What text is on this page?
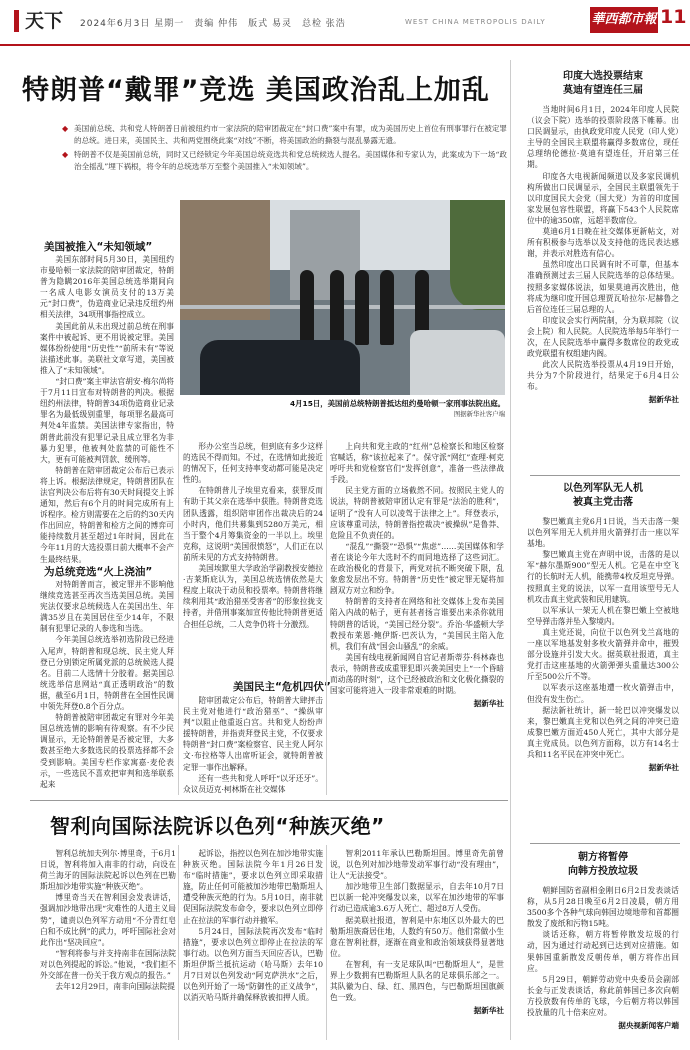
天下 2024年6月3日 星期一　责编 仲伟　版式 易灵　总检 张浩	WEST CHINA METROPOLIS DAILY	華西都市報 11
特朗普“戴罪”竞选 美国政治乱上加乱

◆ 美国前总统、共和党人特朗普日前被纽约市一家法院的陪审团裁定在“封口费”案中有罪，成为美国历史上首位有刑事罪行在被定罪的总统。进日来，美国民主、共和两党围绕此案“对线”不断，将美国政治的撕裂与混乱暴露无遗。

◆ 特朗普不仅是美国前总统，同时又已经锁定今年美国总统竞选共和党总统候选人提名。美国媒体和专家认为，此案成为下一场“政治全摇乱”埋下祸根，将令年的总统选举万至整个美国推入“未知领域”。

4月15日，美国前总统特朗普抵达纽约曼哈顿一家刑事法院出庭。
图据新华社客户端
美国被推入“未知领域”

美国东部时间5月30日，美国纽约市曼哈顿一家法院的陪审团裁定，特朗普为隐瞒2016年美国总统选举期间向一名成人电影女演员支付的13万美元“封口费”，伪造商业记录违反纽约州相关法律，34项刑事指控成立。

美国此前从未出现过前总统在刑事案件中被起诉、更不用说被定罪。美国媒体纷纷使用“历史性”“前所未有”等说法描述此事。美联社文章写道，美国被推入了“未知领域”。

“封口费”案主审法官胡安·梅尔尚将于7月11日宣布对特朗普的判决。根据纽约州法律，特朗普34项伪造商业记录罪名为最低级别重罪，每项罪名最高可判处4年监禁。美国法律专家指出，特朗普此前没有犯罪记录且成立罪名为非暴力犯罪，他被判处监禁的可能性不大，更有可能被判罚款、缓刑等。

特朗普在陪审团裁定公布后已表示将上诉。根据法律规定，特朗普团队在法官判决公布后将有30天时间提交上诉通知，然后有6个月的时间完成所有上诉程序。检方则需要在之后的约30天内作出回应，特朗普和检方之间的博弈可能持续数月甚至超过1年时间，因此在今年11月的大选投票日前大概率不会产生最终结果。

为总统竞选“火上浇油”

对特朗普而言，被定罪并不影响他继续竞选甚至再次当选美国总统。美国宪法仅要求总统候选人在美国出生、年满35岁且在美国居住至少14年，不限制有犯罪记录的人参选和当选。

今年美国总统选举初选阶段已经进入尾声，特朗普和现总统、民主党人拜登已分别锁定所属党派的总统候选人提名。目前二人选情十分胶着。据美国总统选举信息网站“真正透明政治”的数据，截至6月1日，特朗普在全国性民调中领先拜登0.8个百分点。

特朗普被陪审团裁定有罪对今年美国总统选情的影响有待观察。有不少民调显示，无论特朗普是否被定罪，大多数甚至绝大多数选民的投票选择都不会受到影响。美国专栏作家寓嘉·麦伦表示，一些选民不喜欢把审判和选举联系起来

形办公室当总统，但到底有多少这样的选民不得而知。不过，在选情如此接近的情况下，任何支持率变动都可能是决定性的。

在特朗普儿子埃里克看来，获罪反而有助于其父亲在选举中获胜。特朗普竞选团队透露，组织陪审团作出裁决后的24小时内，他们共募集到5280万美元，相当于整个4月筹集资金的一半以上。埃里克称，这说明“美国很愤怒”，人们正在以前所未见的方式支持特朗普。

美国埃默里大学政治学副教授安德拉·吉莱斯庇认为，美国总统选情依然是大程度上取决于动员和投票率。特朗普将继续利用其“政治猎巫受害者”的形象拉拢支持者，并借刑事案加宣传他比特朗普更适合担任总统，二人竞争仍将十分激烈。

美国民主“危机四伏”

陪审团裁定公布后，特朗普大肆抨击民主党对他进行“政治猎巫”、“操纵审判”以阻止他重返白宫。共和党人纷纷声援特朗普，并指责拜登民主党，不仅要求特朗普“封口费”案检察官、民主党人阿尔文·布拉格等人出席听证会，就特朗普被定罪一事作出解释。

还有一些共和党人呼吁“以牙还牙”。众议员迈克·柯林斯在社交媒体

上向共和党主政的“红州”总检察长和地区检察官喊话，称“该拉起来了”。保守派“网红”查理·柯克呼吁共和党检察官们“发挥创意”，准备一些法律战手段。

民主党方面的立场截然不同。按照民主党人的说法，特朗普被陪审团认定有罪是“法治的胜利”，证明了“没有人可以凌驾于法律之上”。拜登表示，应该尊重司法，特朗普指控裁决“被操纵”是鲁莽、危险且不负责任的。

“混乱”“撕裂”“恐惧”“焦虑”……美国媒体和学者在谈论今年大选时不约而同地选择了这些词汇。在政治极化的背景下，两党对抗不断突破下限，乱象愈发层出不穷。特朗普“历史性”被定罪无疑将加剧双方对立和纷争。

特朗普的支持者在网络和社交媒体上发布美国陷入内战的帖子，更有甚者扬言谁要出来杀你就用特朗普的话说，“美国已经分裂”。乔治·华盛顿大学教授布莱恩·鲍伊斯·巴茨认为，“美国民主陷入危机，我们有战“国会山骚乱”的余威。

美国有线电视新闻网自宫记者斯蒂芬·科林森也表示，特朗普或成重罪犯即兴袭美国史上“一个昏暗而动荡的时刻”，这个已经被政治和文化极化撕裂的国家可能将进入一段非常艰难的时期。

据新华社
印度大选投票结束
莫迪有望连任三届

当地时间6月1日，2024年印度人民院（议会下院）选举的投票阶段落下帷幕。出口民调显示，由执政党印度人民党（印人党）主导的全国民主联盟将赢得多数席位，现任总理纳伦德拉·莫迪有望连任，开启第三任期。

印度各大电视新闻频道以及多家民调机构所做出口民调显示，全国民主联盟领先于以印度国民大会党（国大党）为首的印度国家发展包容性联盟，将赢下543个人民院席位中的逾350席，远超半数席位。

莫迪6月1日晚在社交媒体更新帖文，对所有积极参与选举以及支持他的选民表达感谢，并表示对胜选有信心。

虽然印度出口民调有时不可靠，但基本准确预测过去三届人民院选举的总体结果。按照多家媒体说法，如果莫迪再次胜出，他将成为继印度开国总理贾瓦哈拉尔·尼赫鲁之后首位连任三届总理的人。

印度议会实行两院制，分为联邦院（议会上院）和人民院。人民院选举每5年举行一次，在人民院选举中赢得多数席位的政党或政党联盟有权组建内阁。

此次人民院选举投票从4月19日开始，共分为7个阶段进行，结果定于6月4日公布。

据新华社
以色列军队无人机
被真主党击落

黎巴嫩真主党6月1日说，当天击落一架以色列军用无人机并用火箭弹打击一座以军基地。

黎巴嫩真主党在声明中说，击落的是以军“赫尔墨斯900”型无人机。它是在中空飞行的长航时无人机，能携带4枚反坦克导弹。按照真主党的说法，以军一直用该型号无人机攻击真主党武装和民用建筑。

以军承认一架无人机在黎巴嫩上空被地空导弹击落并坠入黎境内。

真主党还说，向位于以色列戈兰高地的一座以军地基发射多枚火箭弹并命中，摧毁部分设施并引发大火。据英联社报道，真主党打击这座基地的火箭弹弹头重量达300公斤至500公斤不等。

以军表示这座基地遭一枚火箭弹击中，但没有发生伤亡。

据法新社统计，新一轮巴以冲突爆发以来，黎巴嫩真主党和以色列之间的冲突已造成黎巴嫩方面近450人死亡，其中大部分是真主党成员。以色列方面称，以方有14名士兵和11名平民在冲突中死亡。

据新华社
朝方将暂停
向韩方投放垃圾

朝鲜国防省副相金刚日6月2日发表谈话称，从5月28日晚至6月2日凌晨，朝方用3500多个各种气球向韩国边境地带和首都圈散发了废纸和污物15吨。

谈话还称，朝方将暂停散发垃圾的行动，因为通过行动起到已达到对应措施。如果韩国重新散发反朝传单，朝方将作出回应。

5月29日，朝鲜劳动党中央委员会副部长金与正发表谈话，称此前韩国已多次向朝方投放数有传单的飞球，今后朝方将以韩国投放量的几十倍来应对。

据央视新闻客户端
智利向国际法院诉以色列“种族灭绝”

智利总统加夫列尔·博里奇，于6月1日说，智利将加入南非的行动，向设在荷兰海牙的国际法院起诉以色列在巴勒斯坦加沙地带实施“种族灭绝”。

博里奇当天在智利国会发表讲话，强调加沙地带出现“灾难性的人道主义局势”，谴责以色列军方动用“不分青红皂白和不成比例”的武力，呼吁国际社会对此作出“坚决回应”。

“智利将参与并支持南非在国际法院对以色列提起的诉讼。”他说，“我们拒不外交部在普一份关于我方观点的报告。”

去年12月29日，南非向国际法院提

起诉讼，指控以色列在加沙地带实施种族灭绝。国际法院今年1月26日发布“临时措施”，要求以色列立即采取措施，防止任何可能被加沙地带巴勒斯坦人遭受种族灭绝的行为。5月10日，南非就促国际法院发布命令，要求以色列立即停止在拉法的军事行动并撤军。

5月24日，国际法院再次发布“临时措施”，要求以色列立即停止在拉法的军事行动。以色列方面当天回应否认，巴勒斯坦伊斯兰抵抗运动（哈马斯）去年10月7日对以色列发动“阿克萨洪水”之后，以色列开始了一场“防御性的正义战争”，以消灭哈马斯并确保释放被扣押人质。

智利2011年承认巴勒斯坦国。博里奇先前曾说，以色列对加沙地带发动军事行动“没有理由”，让人“无法接受”。

加沙地带卫生部门数据显示，自去年10月7日巴以新一轮冲突爆发以来，以军在加沙地带的军事行动已造成逾3.6万人死亡、超过8万人受伤。

据美联社报道，智利是中东地区以外最大的巴勒斯坦族裔居住地，人数约有50万。他们常做小生意在智利社群，逐渐在商业和政治领域获得显著地位。

在智利，有一支足球队叫“巴勒斯坦人”，是世界上少数拥有巴勒斯坦人队名的足球俱乐部之一。其队徽为白、绿、红、黑四色，与巴勒斯坦国旗颜色一致。

据新华社
